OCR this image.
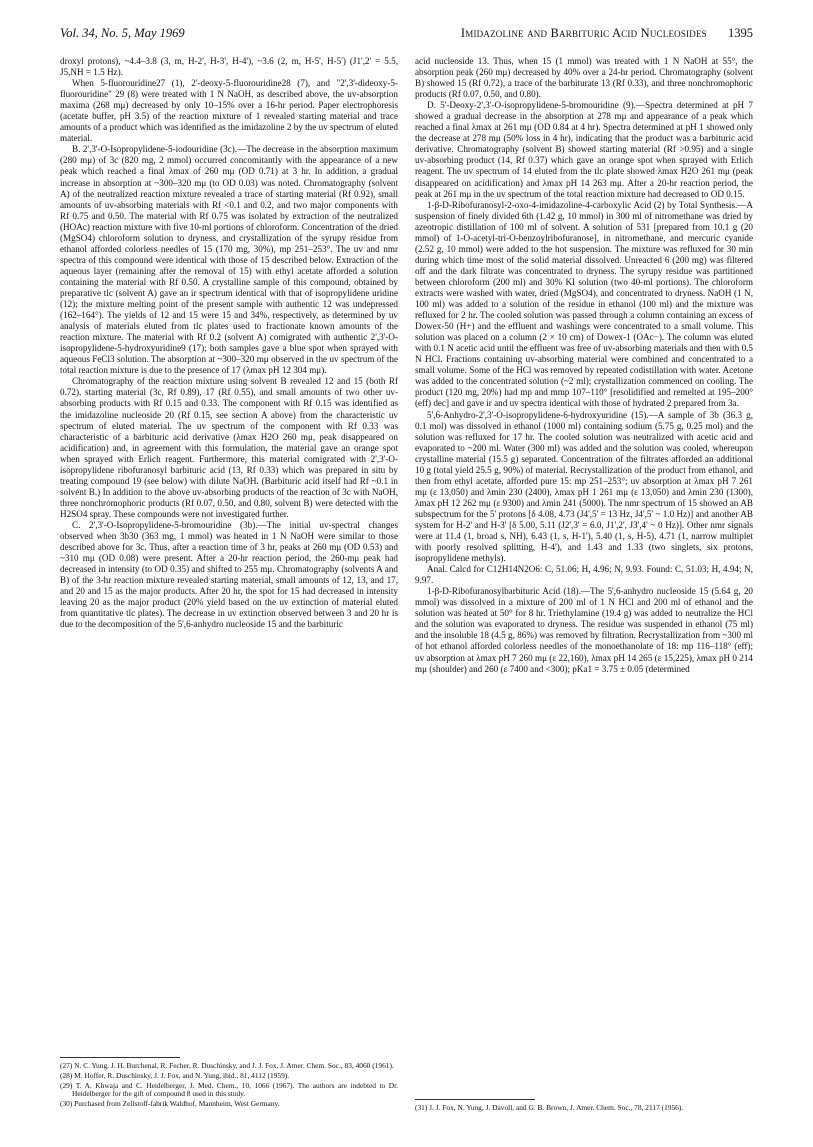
Vol. 34, No. 5, May 1969	Imidazoline and Barbituric Acid Nucleosides 1395

droxyl protons), ~4.4–3.8 (3, m, H-2', H-3', H-4'), ~3.6 (2, m, H-5', H-5') (J1',2' = 5.5, J5,NH = 1.5 Hz).

When 5-fluorouridine27 (1), 2'-deoxy-5-fluorouridine28 (7), and "2',3'-dideoxy-5-fluorouridine" 29 (8) were treated with 1 N NaOH, as described above, the uv-absorption maxima (268 mμ) decreased by only 10–15% over a 16-hr period. Paper electrophoresis (acetate buffer, pH 3.5) of the reaction mixture of 1 revealed starting material and trace amounts of a product which was identified as the imidazoline 2 by the uv spectrum of eluted material.

B. 2',3'-O-Isopropylidene-5-iodouridine (3c).—The decrease in the absorption maximum (280 mμ) of 3c (820 mg, 2 mmol) occurred concomitantly with the appearance of a new peak which reached a final λmax of 260 mμ (OD 0.71) at 3 hr. In addition, a gradual increase in absorption at ~300–320 mμ (to OD 0.03) was noted. Chromatography (solvent A) of the neutralized reaction mixture revealed a trace of starting material (Rf 0.92), small amounts of uv-absorbing materials with Rf <0.1 and 0.2, and two major components with Rf 0.75 and 0.50. The material with Rf 0.75 was isolated by extraction of the neutralized (HOAc) reaction mixture with five 10-ml portions of chloroform. Concentration of the dried (MgSO4) chloroform solution to dryness, and crystallization of the syrupy residue from ethanol afforded colorless needles of 15 (170 mg, 30%), mp 251–253°. The uv and nmr spectra of this compound were identical with those of 15 described below. Extraction of the aqueous layer (remaining after the removal of 15) with ethyl acetate afforded a solution containing the material with Rf 0.50. A crystalline sample of this compound, obtained by preparative tlc (solvent A) gave an ir spectrum identical with that of isopropylidene uridine (12); the mixture melting point of the present sample with authentic 12 was undepressed (162–164°). The yields of 12 and 15 were 15 and 34%, respectively, as determined by uv analysis of materials eluted from tlc plates used to fractionate known amounts of the reaction mixture. The material with Rf 0.2 (solvent A) comigrated with authentic 2',3'-O-isopropylidene-5-hydroxyuridine9 (17); both samples gave a blue spot when sprayed with aqueous FeCl3 solution. The absorption at ~300–320 mμ observed in the uv spectrum of the total reaction mixture is due to the presence of 17 (λmax pH 12 304 mμ).

Chromatography of the reaction mixture using solvent B revealed 12 and 15 (both Rf 0.72), starting material (3c, Rf 0.89), 17 (Rf 0.55), and small amounts of two other uv-absorbing products with Rf 0.15 and 0.33. The component with Rf 0.15 was identified as the imidazoline nucleoside 20 (Rf 0.15, see section A above) from the characteristic uv spectrum of eluted material. The uv spectrum of the component with Rf 0.33 was characteristic of a barbituric acid derivative (λmax H2O 260 mμ, peak disappeared on acidification) and, in agreement with this formulation, the material gave an orange spot when sprayed with Erlich reagent. Furthermore, this material comigrated with 2',3'-O-isopropylidene ribofuranosyl barbituric acid (13, Rf 0.33) which was prepared in situ by treating compound 19 (see below) with dilute NaOH. (Barbituric acid itself had Rf ~0.1 in solvent B.) In addition to the above uv-absorbing products of the reaction of 3c with NaOH, three nonchromophoric products (Rf 0.07, 0.50, and 0.80, solvent B) were detected with the H2SO4 spray. These compounds were not investigated further.

C. 2',3'-O-Isopropylidene-5-bromouridine (3b).—The initial uv-spectral changes observed when 3b30 (363 mg, 1 mmol) was heated in 1 N NaOH were similar to those described above for 3c. Thus, after a reaction time of 3 hr, peaks at 260 mμ (OD 0.53) and ~310 mμ (OD 0.08) were present. After a 20-hr reaction period, the 260-mμ peak had decreased in intensity (to OD 0.35) and shifted to 255 mμ. Chromatography (solvents A and B) of the 3-hr reaction mixture revealed starting material, small amounts of 12, 13, and 17, and 20 and 15 as the major products. After 20 hr, the spot for 15 had decreased in intensity leaving 20 as the major product (20% yield based on the uv extinction of material eluted from quantitative tlc plates). The decrease in uv extinction observed between 3 and 20 hr is due to the decomposition of the 5',6-anhydro nucleoside 15 and the barbituric

acid nucleoside 13. Thus, when 15 (1 mmol) was treated with 1 N NaOH at 55°, the absorption peak (260 mμ) decreased by 40% over a 24-hr period. Chromatography (solvent B) showed 15 (Rf 0.72), a trace of the barbiturate 13 (Rf 0.33), and three nonchromophoric products (Rf 0.07, 0.50, and 0.80).

D. 5'-Deoxy-2',3'-O-isopropylidene-5-bromouridine (9).—Spectra determined at pH 7 showed a gradual decrease in the absorption at 278 mμ and appearance of a peak which reached a final λmax at 261 mμ (OD 0.84 at 4 hr). Spectra determined at pH 1 showed only the decrease at 278 mμ (50% loss in 4 hr), indicating that the product was a barbituric acid derivative. Chromatography (solvent B) showed starting material (Rf >0.95) and a single uv-absorbing product (14, Rf 0.37) which gave an orange spot when sprayed with Erlich reagent. The uv spectrum of 14 eluted from the tlc plate showed λmax H2O 261 mμ (peak disappeared on acidification) and λmax pH 14 263 mμ. After a 20-hr reaction period, the peak at 261 mμ in the uv spectrum of the total reaction mixture had decreased to OD 0.15.

1-β-D-Ribofuranosyl-2-oxo-4-imidazoline-4-carboxylic Acid (2) by Total Synthesis.—A suspension of finely divided 6th (1.42 g, 10 mmol) in 300 ml of nitromethane was dried by azeotropic distillation of 100 ml of solvent. A solution of 531 [prepared from 10.1 g (20 mmol) of 1-O-acetyl-tri-O-benzoylribofuranose], in nitromethane, and mercuric cyanide (2.52 g, 10 mmol) were added to the hot suspension. The mixture was refluxed for 30 min during which time most of the solid material dissolved. Unreacted 6 (200 mg) was filtered off and the dark filtrate was concentrated to dryness. The syrupy residue was partitioned between chloroform (200 ml) and 30% KI solution (two 40-ml portions). The chloroform extracts were washed with water, dried (MgSO4), and concentrated to dryness. NaOH (1 N, 100 ml) was added to a solution of the residue in ethanol (100 ml) and the mixture was refluxed for 2 hr. The cooled solution was passed through a column containing an excess of Dowex-50 (H+) and the effluent and washings were concentrated to a small volume. This solution was placed on a column (2 × 10 cm) of Dowex-1 (OAc−). The column was eluted with 0.1 N acetic acid until the effluent was free of uv-absorbing materials and then with 0.5 N HCl. Fractions containing uv-absorbing material were combined and concentrated to a small volume. Some of the HCl was removed by repeated codistillation with water. Acetone was added to the concentrated solution (~2 ml); crystallization commenced on cooling. The product (120 mg, 20%) had mp and mmp 107–110° [resolidified and remelted at 195–200° (eff) dec] and gave ir and uv spectra identical with those of hydrated 2 prepared from 3a.

5',6-Anhydro-2',3'-O-isopropylidene-6-hydroxyuridine (15).—A sample of 3b (36.3 g, 0.1 mol) was dissolved in ethanol (1000 ml) containing sodium (5.75 g, 0.25 mol) and the solution was refluxed for 17 hr. The cooled solution was neutralized with acetic acid and evaporated to ~200 ml. Water (300 ml) was added and the solution was cooled, whereupon crystalline material (15.5 g) separated. Concentration of the filtrates afforded an additional 10 g (total yield 25.5 g, 90%) of material. Recrystallization of the product from ethanol, and then from ethyl acetate, afforded pure 15: mp 251–253°; uv absorption at λmax pH 7 261 mμ (ε 13,050) and λmin 230 (2400), λmax pH 1 261 mμ (ε 13,050) and λmin 230 (1300), λmax pH 12 262 mμ (ε 9300) and λmin 241 (5000). The nmr spectrum of 15 showed an AB subspectrum for the 5' protons [δ 4.08, 4.73 (J4',5' = 13 Hz, J4',5' ~ 1.0 Hz)] and another AB system for H-2' and H-3' [δ 5.00, 5.11 (J2',3' = 6.0, J1',2', J3',4' ~ 0 Hz)]. Other nmr signals were at 11.4 (1, broad s, NH), 6.43 (1, s, H-1'), 5.40 (1, s, H-5), 4.71 (1, narrow multiplet with poorly resolved splitting, H-4'), and 1.43 and 1.33 (two singlets, six protons, isopropylidene methyls).

Anal. Calcd for C12H14N2O6: C, 51.06; H, 4.96; N, 9.93. Found: C, 51.03; H, 4.94; N, 9.97.

1-β-D-Ribofuranosylbarbituric Acid (18).—The 5',6-anhydro nucleoside 15 (5.64 g, 20 mmol) was dissolved in a mixture of 200 ml of 1 N HCl and 200 ml of ethanol and the solution was heated at 50° for 8 hr. Triethylamine (19.4 g) was added to neutralize the HCl and the solution was evaporated to dryness. The residue was suspended in ethanol (75 ml) and the insoluble 18 (4.5 g, 86%) was removed by filtration. Recrystallization from ~300 ml of hot ethanol afforded colorless needles of the monoethanolate of 18: mp 116–118° (eff); uv absorption at λmax pH 7 260 mμ (ε 22,160), λmax pH 14 265 (ε 15,225), λmax pH 0 214 mμ (shoulder) and 260 (ε 7400 and <300); pKa1 = 3.75 ± 0.05 (determined

(27) N. C. Yung, J. H. Burchenal, R. Fecher, R. Duschinsky, and J. J. Fox, J. Amer. Chem. Soc., 83, 4060 (1961).

(28) M. Hoffer, R. Duschinsky, J. J. Fox, and N. Yung, ibid., 81, 4112 (1959).

(29) T. A. Khwaja and C. Heidelberger, J. Med. Chem., 10, 1066 (1967). The authors are indebted to Dr. Heidelberger for the gift of compound 8 used in this study.

(30) Purchased from Zellstoff-fabrik Waldhof, Mannheim, West Germany.	(31) J. J. Fox, N. Yung, J. Davoll, and G. B. Brown, J. Amer. Chem. Soc., 78, 2117 (1956).
